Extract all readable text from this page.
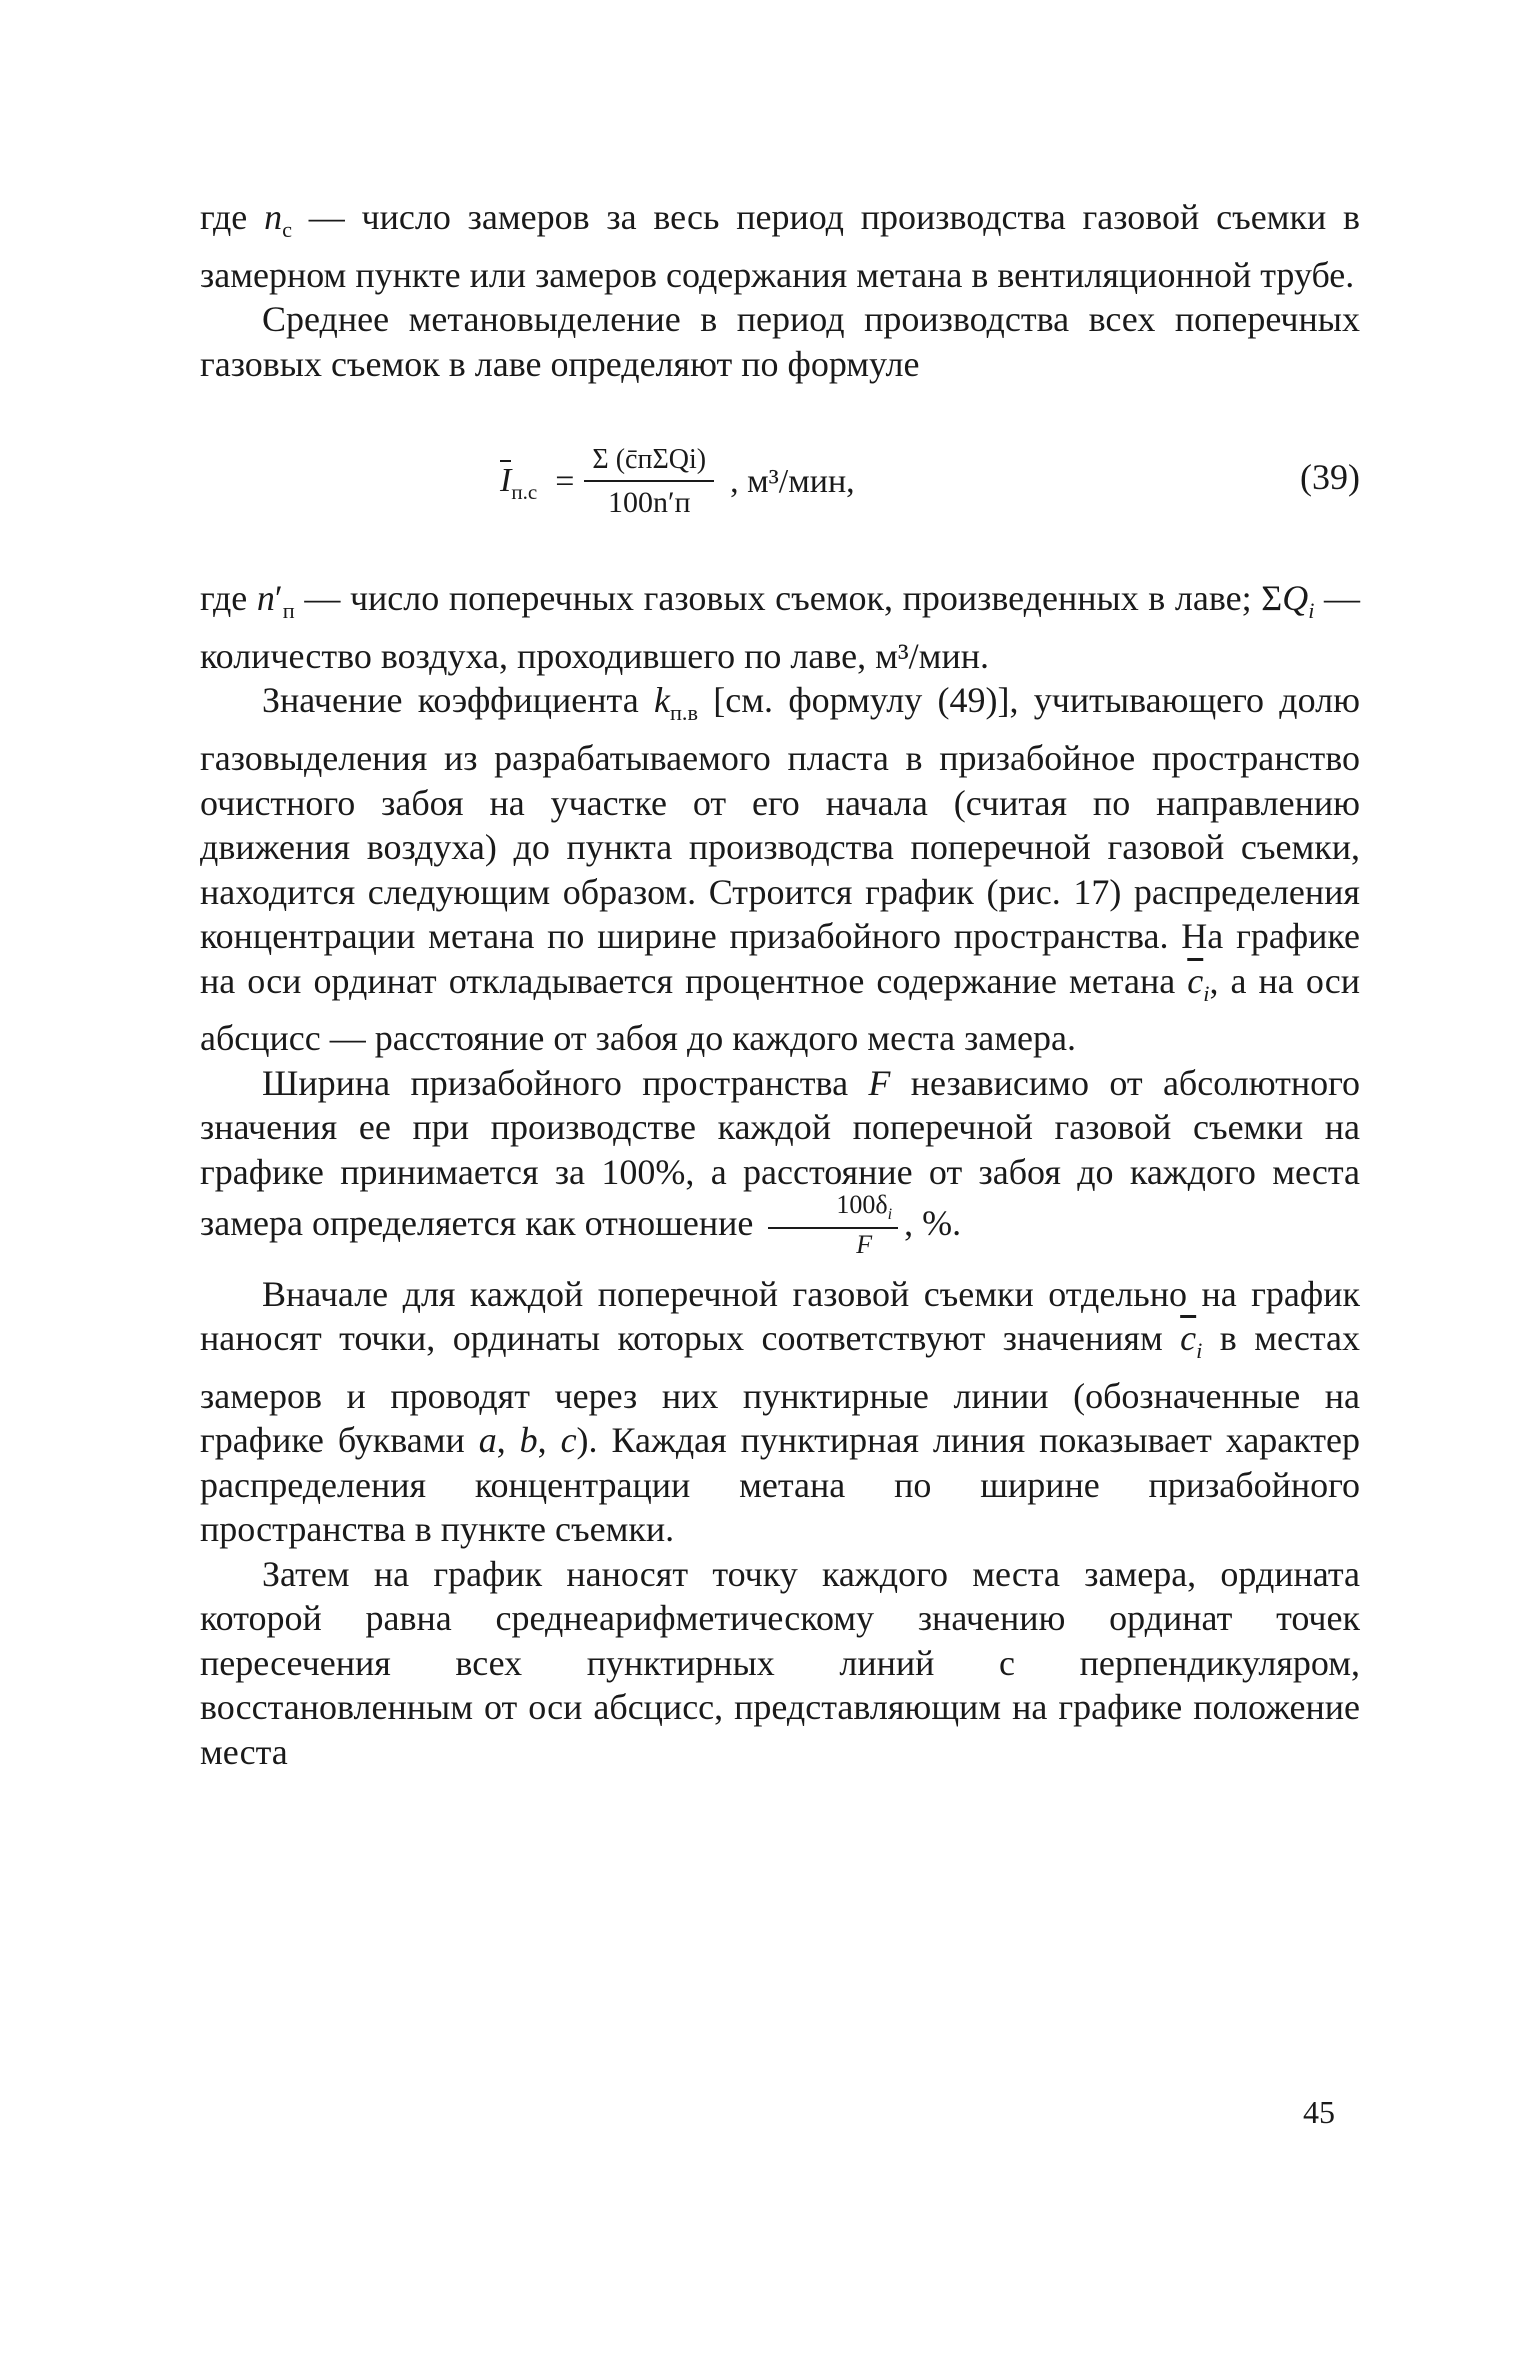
где $n_с$ — число замеров за весь период производства газовой съемки в замерном пункте или замеров содержания метана в вентиляционной трубе.

Среднее метановыделение в период производства всех поперечных газовых съемок в лаве определяют по формуле

$I_{п.с} = \frac{\text{Σ (c̄пΣQi)}}{100n'п}$ , м³/мин,	(39)

где $n'_п$ — число поперечных газовых съемок, произведенных в лаве; $\Sigma Q_i$ — количество воздуха, проходившего по лаве, м³/мин.

Значение коэффициента $k_{п.в}$ [см. формулу (49)], учитывающего долю газовыделения из разрабатываемого пласта в призабойное пространство очистного забоя на участке от его начала (считая по направлению движения воздуха) до пункта производства поперечной газовой съемки, находится следующим образом. Строится график (рис. 17) распределения концентрации метана по ширине призабойного пространства. На графике на оси ординат откладывается процентное содержание метана $\overline{c}_i$, а на оси абсцисс — расстояние от забоя до каждого места замера.

Ширина призабойного пространства F независимо от абсолютного значения ее при производстве каждой поперечной газовой съемки на графике принимается за 100%, а расстояние от забоя до каждого места замера определяется как отношение $\frac{100\delta_i}{F}$ , %.

Вначале для каждой поперечной газовой съемки отдельно на график наносят точки, ординаты которых соответствуют значениям $\overline{c}_i$ в местах замеров и проводят через них пунктирные линии (обозначенные на графике буквами a, b, c). Каждая пунктирная линия показывает характер распределения концентрации метана по ширине призабойного пространства в пункте съемки.

Затем на график наносят точку каждого места замера, ордината которой равна среднеарифметическому значению ординат точек пересечения всех пунктирных линий с перпендикуляром, восстановленным от оси абсцисс, представляющим на графике положение места

45
